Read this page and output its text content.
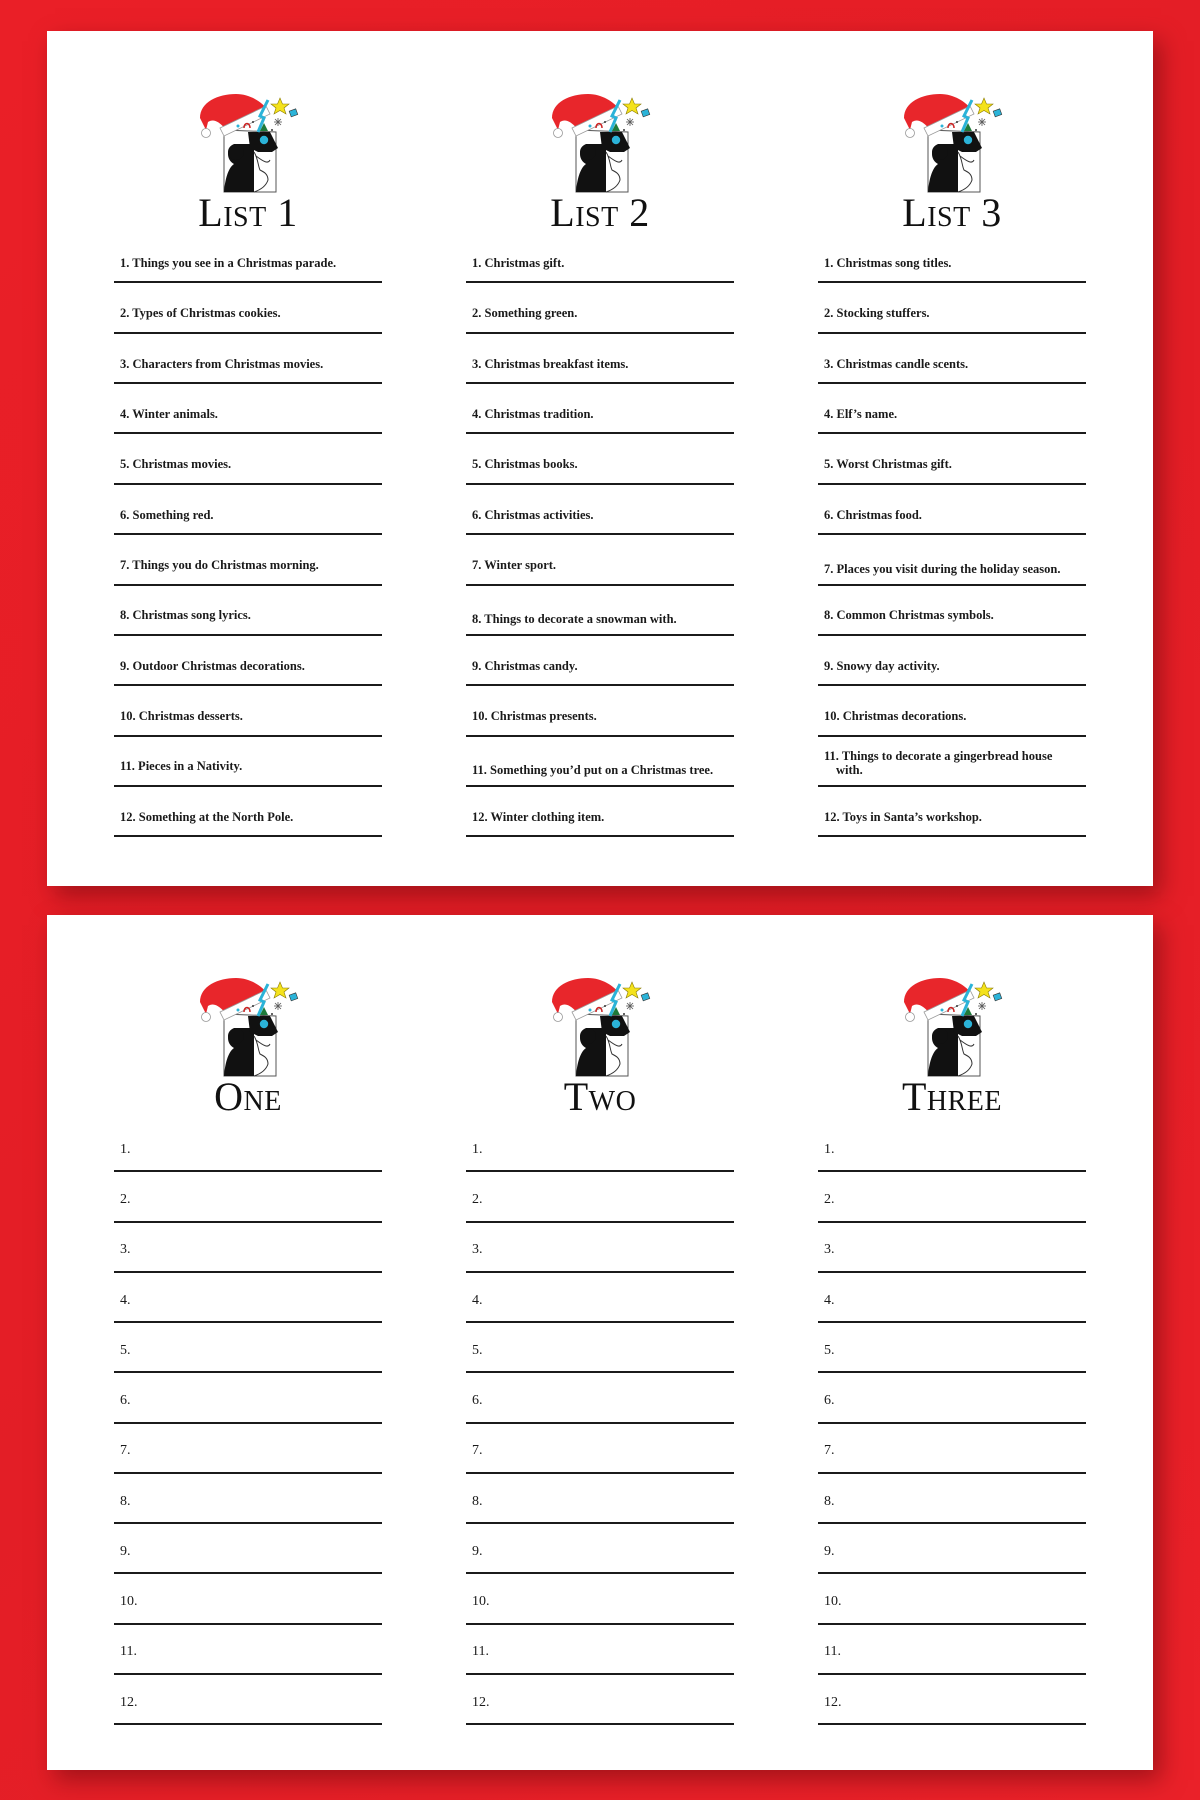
List 1
1. Things you see in a Christmas parade.
2. Types of Christmas cookies.
3. Characters from Christmas movies.
4. Winter animals.
5. Christmas movies.
6. Something red.
7. Things you do Christmas morning.
8. Christmas song lyrics.
9. Outdoor Christmas decorations.
10. Christmas desserts.
11. Pieces in a Nativity.
12. Something at the North Pole.
List 2
1. Christmas gift.
2. Something green.
3. Christmas breakfast items.
4. Christmas tradition.
5. Christmas books.
6. Christmas activities.
7. Winter sport.
8. Things to decorate a snowman with.
9. Christmas candy.
10. Christmas presents.
11. Something you’d put on a Christmas tree.
12. Winter clothing item.
List 3
1. Christmas song titles.
2. Stocking stuffers.
3. Christmas candle scents.
4. Elf’s name.
5. Worst Christmas gift.
6. Christmas food.
7. Places you visit during the holiday season.
8. Common Christmas symbols.
9. Snowy day activity.
10. Christmas decorations.
11. Things to decorate a gingerbread house with.
12. Toys in Santa’s workshop.
One
1.
2.
3.
4.
5.
6.
7.
8.
9.
10.
11.
12.
Two
1.
2.
3.
4.
5.
6.
7.
8.
9.
10.
11.
12.
Three
1.
2.
3.
4.
5.
6.
7.
8.
9.
10.
11.
12.
